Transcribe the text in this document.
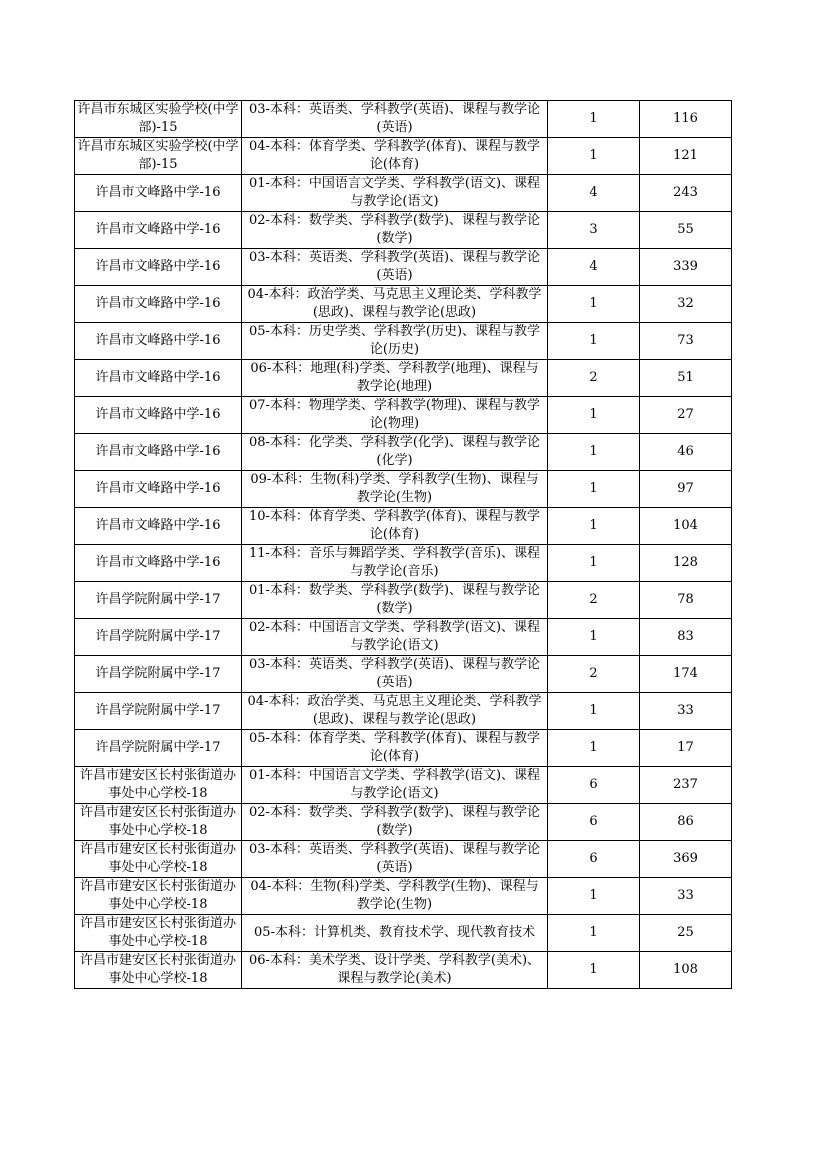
许昌市东城区实验学校(中学部)-15	03-本科：英语类、学科教学(英语)、课程与教学论(英语)	1	116
许昌市东城区实验学校(中学部)-15	04-本科：体育学类、学科教学(体育)、课程与教学论(体育)	1	121
许昌市文峰路中学-16	01-本科：中国语言文学类、学科教学(语文)、课程与教学论(语文)	4	243
许昌市文峰路中学-16	02-本科：数学类、学科教学(数学)、课程与教学论(数学)	3	55
许昌市文峰路中学-16	03-本科：英语类、学科教学(英语)、课程与教学论(英语)	4	339
许昌市文峰路中学-16	04-本科：政治学类、马克思主义理论类、学科教学(思政)、课程与教学论(思政)	1	32
许昌市文峰路中学-16	05-本科：历史学类、学科教学(历史)、课程与教学论(历史)	1	73
许昌市文峰路中学-16	06-本科：地理(科)学类、学科教学(地理)、课程与教学论(地理)	2	51
许昌市文峰路中学-16	07-本科：物理学类、学科教学(物理)、课程与教学论(物理)	1	27
许昌市文峰路中学-16	08-本科：化学类、学科教学(化学)、课程与教学论(化学)	1	46
许昌市文峰路中学-16	09-本科：生物(科)学类、学科教学(生物)、课程与教学论(生物)	1	97
许昌市文峰路中学-16	10-本科：体育学类、学科教学(体育)、课程与教学论(体育)	1	104
许昌市文峰路中学-16	11-本科：音乐与舞蹈学类、学科教学(音乐)、课程与教学论(音乐)	1	128
许昌学院附属中学-17	01-本科：数学类、学科教学(数学)、课程与教学论(数学)	2	78
许昌学院附属中学-17	02-本科：中国语言文学类、学科教学(语文)、课程与教学论(语文)	1	83
许昌学院附属中学-17	03-本科：英语类、学科教学(英语)、课程与教学论(英语)	2	174
许昌学院附属中学-17	04-本科：政治学类、马克思主义理论类、学科教学(思政)、课程与教学论(思政)	1	33
许昌学院附属中学-17	05-本科：体育学类、学科教学(体育)、课程与教学论(体育)	1	17
许昌市建安区长村张街道办事处中心学校-18	01-本科：中国语言文学类、学科教学(语文)、课程与教学论(语文)	6	237
许昌市建安区长村张街道办事处中心学校-18	02-本科：数学类、学科教学(数学)、课程与教学论(数学)	6	86
许昌市建安区长村张街道办事处中心学校-18	03-本科：英语类、学科教学(英语)、课程与教学论(英语)	6	369
许昌市建安区长村张街道办事处中心学校-18	04-本科：生物(科)学类、学科教学(生物)、课程与教学论(生物)	1	33
许昌市建安区长村张街道办事处中心学校-18	05-本科：计算机类、教育技术学、现代教育技术	1	25
许昌市建安区长村张街道办事处中心学校-18	06-本科：美术学类、设计学类、学科教学(美术)、课程与教学论(美术)	1	108
